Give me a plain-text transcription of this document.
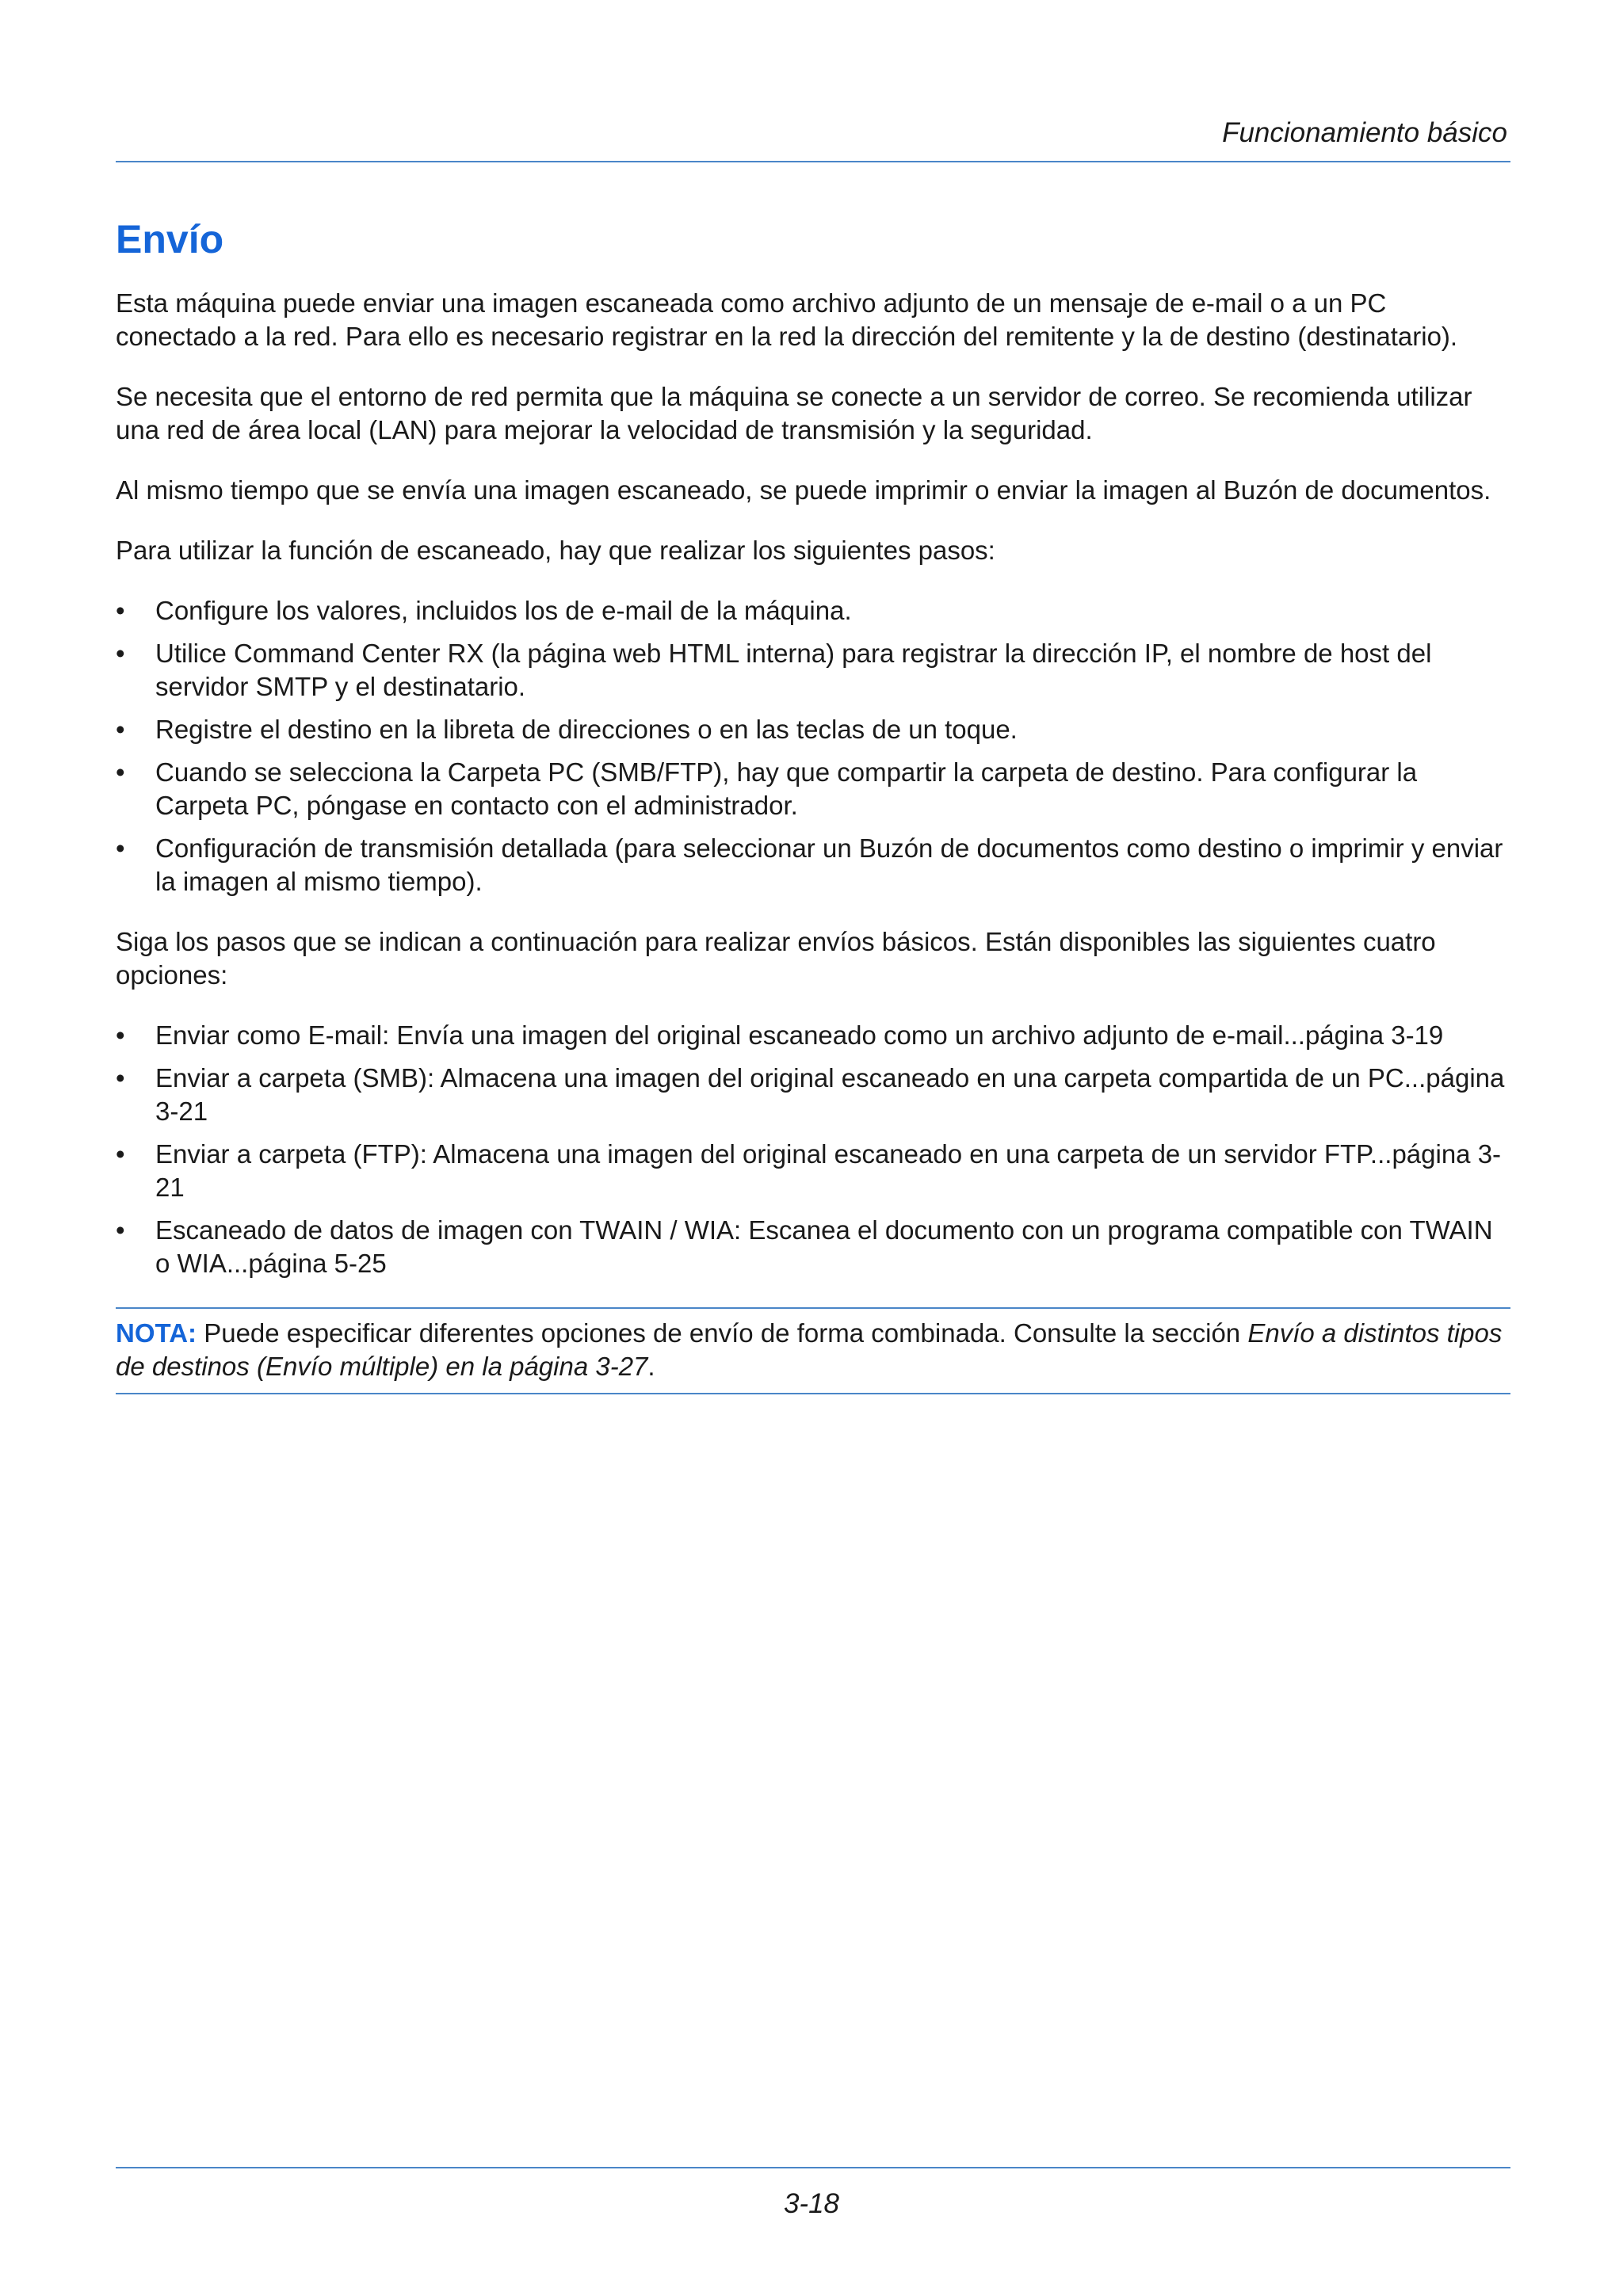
Funcionamiento básico
Envío

Esta máquina puede enviar una imagen escaneada como archivo adjunto de un mensaje de e-mail o a un PC conectado a la red. Para ello es necesario registrar en la red la dirección del remitente y la de destino (destinatario).

Se necesita que el entorno de red permita que la máquina se conecte a un servidor de correo. Se recomienda utilizar una red de área local (LAN) para mejorar la velocidad de transmisión y la seguridad.

Al mismo tiempo que se envía una imagen escaneado, se puede imprimir o enviar la imagen al Buzón de documentos.

Para utilizar la función de escaneado, hay que realizar los siguientes pasos:

• Configure los valores, incluidos los de e-mail de la máquina.
• Utilice Command Center RX (la página web HTML interna) para registrar la dirección IP, el nombre de host del servidor SMTP y el destinatario.
• Registre el destino en la libreta de direcciones o en las teclas de un toque.
• Cuando se selecciona la Carpeta PC (SMB/FTP), hay que compartir la carpeta de destino. Para configurar la Carpeta PC, póngase en contacto con el administrador.
• Configuración de transmisión detallada (para seleccionar un Buzón de documentos como destino o imprimir y enviar la imagen al mismo tiempo).

Siga los pasos que se indican a continuación para realizar envíos básicos. Están disponibles las siguientes cuatro opciones:

• Enviar como E-mail: Envía una imagen del original escaneado como un archivo adjunto de e-mail...página 3-19
• Enviar a carpeta (SMB): Almacena una imagen del original escaneado en una carpeta compartida de un PC...página 3-21
• Enviar a carpeta (FTP): Almacena una imagen del original escaneado en una carpeta de un servidor FTP...página 3-21
• Escaneado de datos de imagen con TWAIN / WIA: Escanea el documento con un programa compatible con TWAIN o WIA...página 5-25
NOTA: Puede especificar diferentes opciones de envío de forma combinada. Consulte la sección Envío a distintos tipos de destinos (Envío múltiple) en la página 3-27.
3-18
